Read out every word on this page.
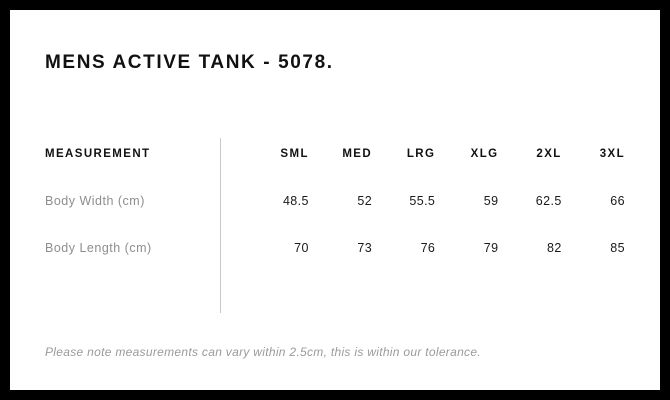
MENS ACTIVE TANK - 5078.
MEASUREMENT	SML	MED	LRG	XLG	2XL	3XL
Body Width (cm)	48.5	52	55.5	59	62.5	66
Body Length (cm)	70	73	76	79	82	85
Please note measurements can vary within 2.5cm, this is within our tolerance.
